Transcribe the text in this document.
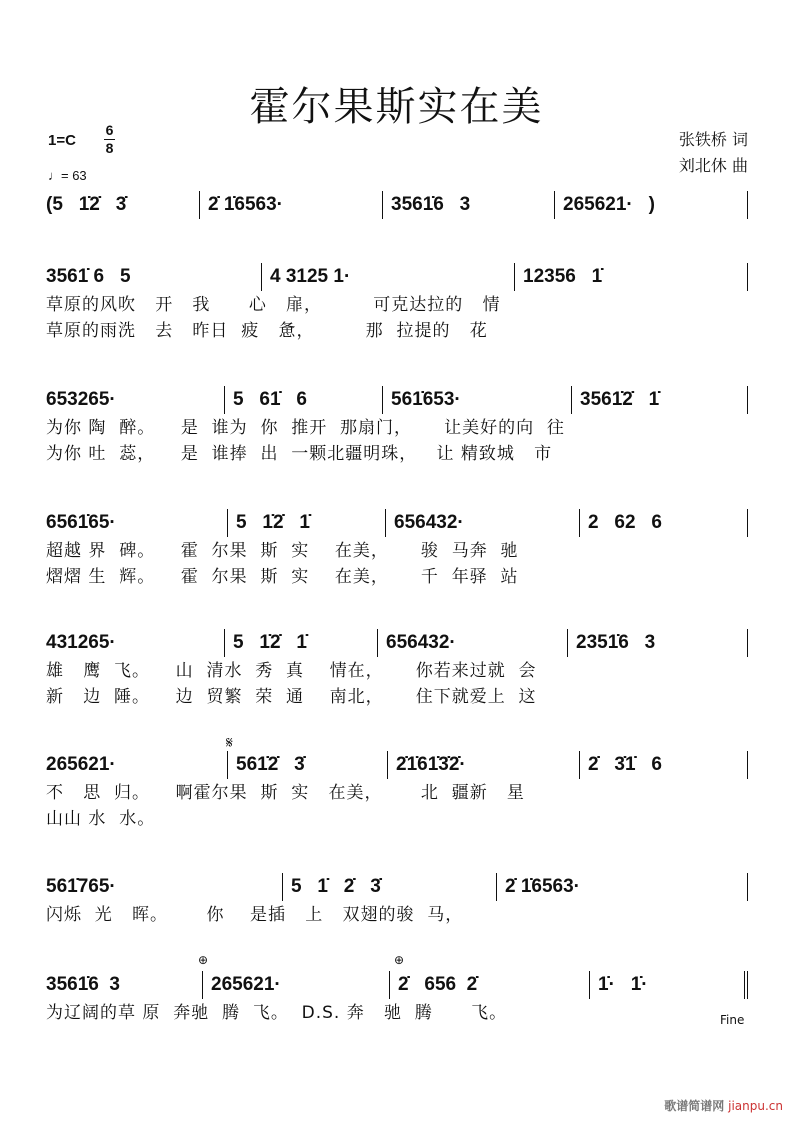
霍尔果斯实在美
1=C
6
8
♩= 63
张铁桥 词
刘北休 曲
(5   1̇2̇   3̇	2̇ 1̇6563·	3561̇6   3	265621·   )
3561̇ 6   5	4 3125 1·	12356   1̇
草原的风吹   开   我      心   扉，        可克达拉的   情
草原的雨洗   去   昨日  疲   惫，        那  拉提的   花
653265·	5   61̇   6	561̇653·	3561̇2̇   1̇
为你 陶  醉。    是  谁为  你  推开  那扇门，     让美好的向  往
为你 吐  蕊，    是  谁捧  出  一颗北疆明珠，   让 精致城   市
6561̇65·	5   1̇2̇   1̇	656432·	2   62   6
超越 界  碑。    霍  尔果  斯  实    在美，     骏  马奔  驰
熠熠 生  辉。    霍  尔果  斯  实    在美，     千  年驿  站
431265·	5   1̇2̇   1̇	656432·	2351̇6   3
雄   鹰  飞。    山  清水  秀  真    情在，     你若来过就  会
新   边  陲。    边  贸繁  荣  通    南北，     住下就爱上  这
265621·	561̇2̇   3̇	2̇1̇61̇3̇2̇·	2̇   3̇1̇   6
不   思  归。    啊霍尔果  斯  实   在美，      北  疆新   星
山山 水  水。
561̇765·	5   1̇   2̇   3̇	2̇ 1̇6563·
闪烁  光   晖。      你    是插   上   双翅的骏  马，
3561̇6  3	265621·	2̇   656  2̇	1̇·   1̇·
为辽阔的草 原  奔驰  腾  飞。  D.S. 奔   驰  腾      飞。
𝄋
⊕	⊕
Fine
歌谱简谱网 jianpu.cn
